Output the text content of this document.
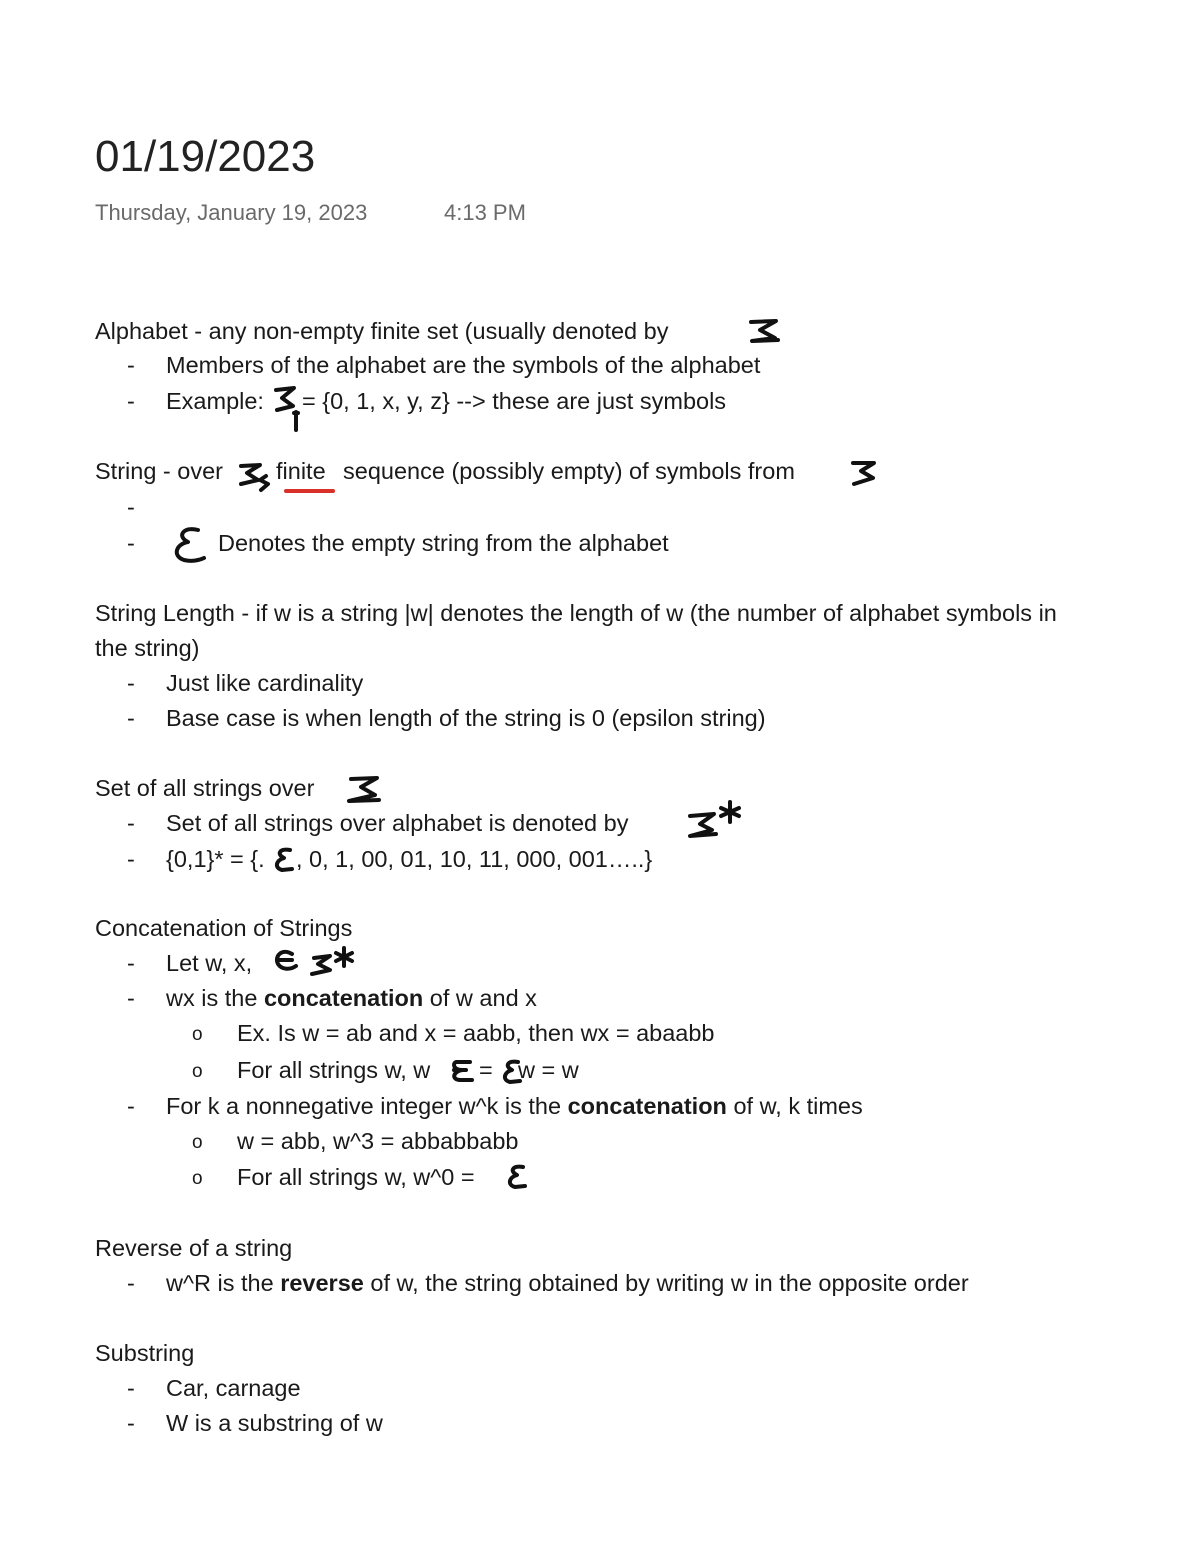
01/19/2023
Thursday, January 19, 2023	4:13 PM
Alphabet - any non-empty finite set (usually denoted by
- Members of the alphabet are the symbols of the alphabet
- Example: = {0, 1, x, y, z} --> these are just symbols
String - over finite sequence (possibly empty) of symbols from
-
-	Denotes the empty string from the alphabet
String Length - if w is a string |w| denotes the length of w (the number of alphabet symbols in
the string)
- Just like cardinality
- Base case is when length of the string is 0 (epsilon string)
Set of all strings over
- Set of all strings over alphabet is denoted by
- {0,1}* = {. , 0, 1, 00, 01, 10, 11, 000, 001…..}
Concatenation of Strings
- Let w, x,
- wx is the concatenation of w and x
o Ex. Is w = ab and x = aabb, then wx = abaabb
o For all strings w, w = w = w
- For k a nonnegative integer w^k is the concatenation of w, k times
o w = abb, w^3 = abbabbabb
o For all strings w, w^0 =
Reverse of a string
- w^R is the reverse of w, the string obtained by writing w in the opposite order
Substring
- Car, carnage
- W is a substring of w
